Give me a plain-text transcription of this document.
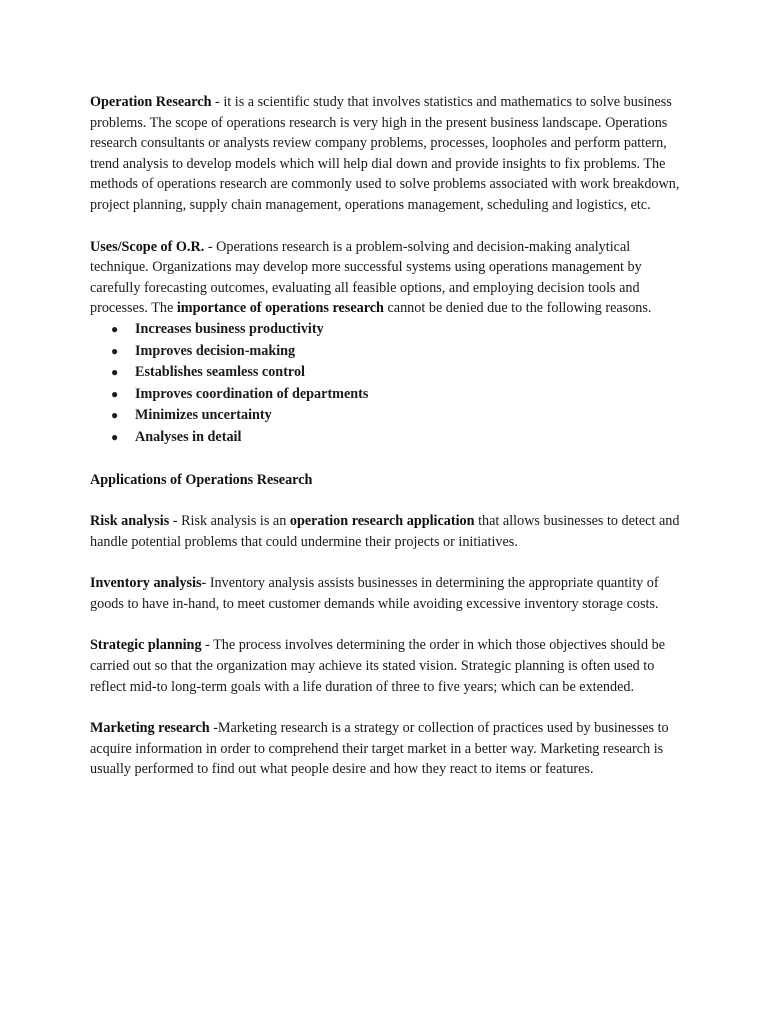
Operation Research - it is a scientific study that involves statistics and mathematics to solve business problems. The scope of operations research is very high in the present business landscape. Operations research consultants or analysts review company problems, processes, loopholes and perform pattern, trend analysis to develop models which will help dial down and provide insights to fix problems. The methods of operations research are commonly used to solve problems associated with work breakdown, project planning, supply chain management, operations management, scheduling and logistics, etc.

Uses/Scope of O.R. - Operations research is a problem-solving and decision-making analytical technique. Organizations may develop more successful systems using operations management by carefully forecasting outcomes, evaluating all feasible options, and employing decision tools and processes. The importance of operations research cannot be denied due to the following reasons.

● Increases business productivity
● Improves decision-making
● Establishes seamless control
● Improves coordination of departments
● Minimizes uncertainty
● Analyses in detail

Applications of Operations Research

Risk analysis - Risk analysis is an operation research application that allows businesses to detect and handle potential problems that could undermine their projects or initiatives.

Inventory analysis- Inventory analysis assists businesses in determining the appropriate quantity of goods to have in-hand, to meet customer demands while avoiding excessive inventory storage costs.

Strategic planning - The process involves determining the order in which those objectives should be carried out so that the organization may achieve its stated vision. Strategic planning is often used to reflect mid-to long-term goals with a life duration of three to five years; which can be extended.

Marketing research -Marketing research is a strategy or collection of practices used by businesses to acquire information in order to comprehend their target market in a better way. Marketing research is usually performed to find out what people desire and how they react to items or features.
